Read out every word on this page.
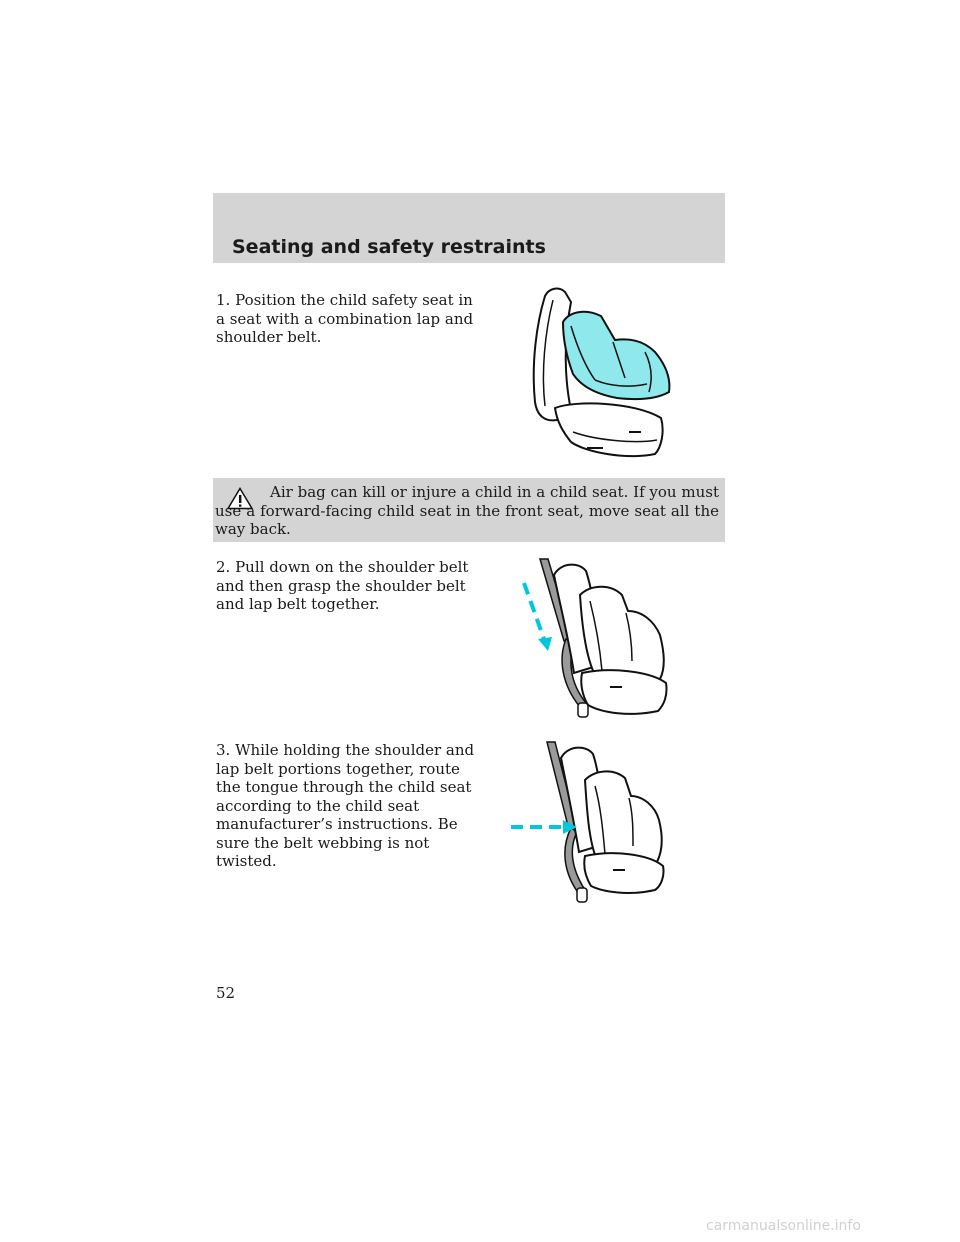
Seating and safety restraints
1. Position the child safety seat in a seat with a combination lap and shoulder belt.
Air bag can kill or injure a child in a child seat. If you must use a forward-facing child seat in the front seat, move seat all the way back.
2. Pull down on the shoulder belt and then grasp the shoulder belt and lap belt together.
3. While holding the shoulder and lap belt portions together, route the tongue through the child seat according to the child seat manufacturer’s instructions. Be sure the belt webbing is not twisted.
52
carmanualsonline.info
